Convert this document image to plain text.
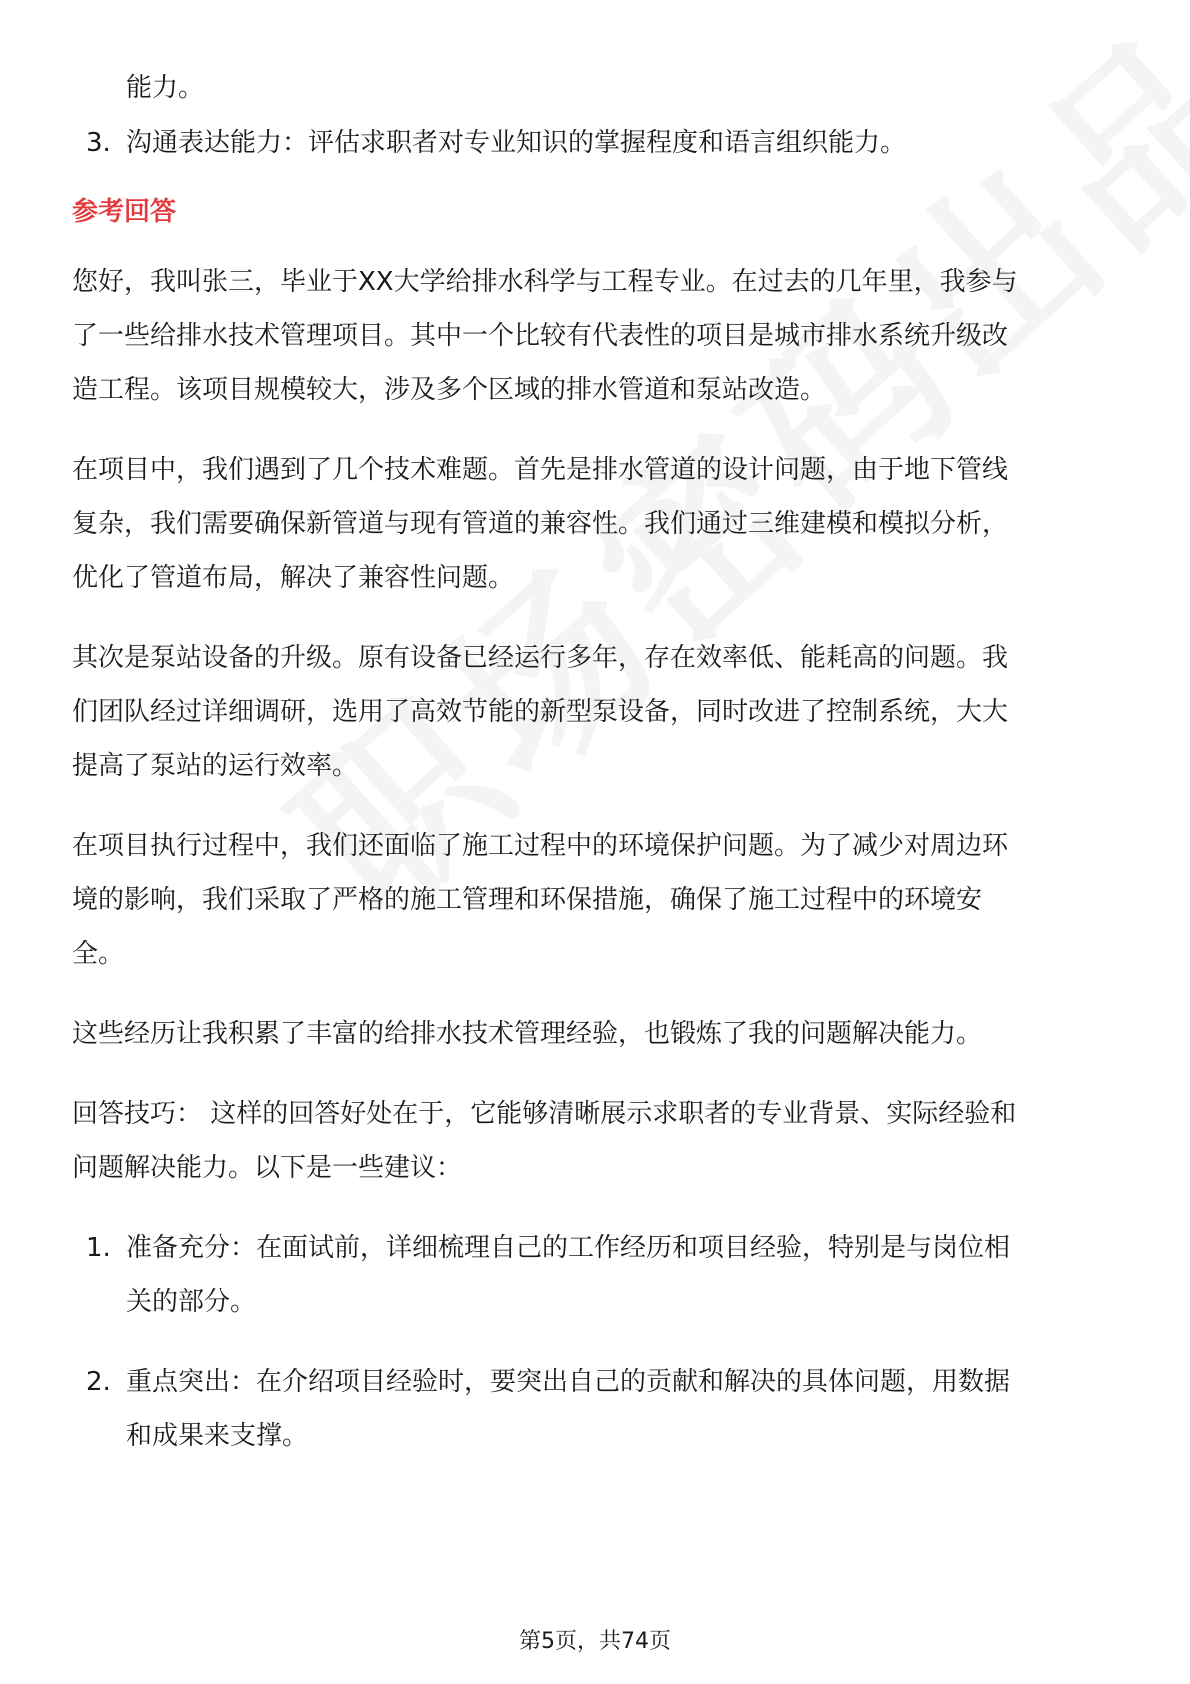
能力。
3. 沟通表达能力：评估求职者对专业知识的掌握程度和语言组织能力。
参考回答
您好，我叫张三，毕业于XX大学给排水科学与工程专业。在过去的几年里，我参与
了一些给排水技术管理项目。其中一个比较有代表性的项目是城市排水系统升级改
造工程。该项目规模较大，涉及多个区域的排水管道和泵站改造。
在项目中，我们遇到了几个技术难题。首先是排水管道的设计问题，由于地下管线
复杂，我们需要确保新管道与现有管道的兼容性。我们通过三维建模和模拟分析，
优化了管道布局，解决了兼容性问题。
其次是泵站设备的升级。原有设备已经运行多年，存在效率低、能耗高的问题。我
们团队经过详细调研，选用了高效节能的新型泵设备，同时改进了控制系统，大大
提高了泵站的运行效率。
在项目执行过程中，我们还面临了施工过程中的环境保护问题。为了减少对周边环
境的影响，我们采取了严格的施工管理和环保措施，确保了施工过程中的环境安
全。
这些经历让我积累了丰富的给排水技术管理经验，也锻炼了我的问题解决能力。
回答技巧： 这样的回答好处在于，它能够清晰展示求职者的专业背景、实际经验和
问题解决能力。以下是一些建议：
1. 准备充分：在面试前，详细梳理自己的工作经历和项目经验，特别是与岗位相
关的部分。
2. 重点突出：在介绍项目经验时，要突出自己的贡献和解决的具体问题，用数据
和成果来支撑。
第5页，共74页
